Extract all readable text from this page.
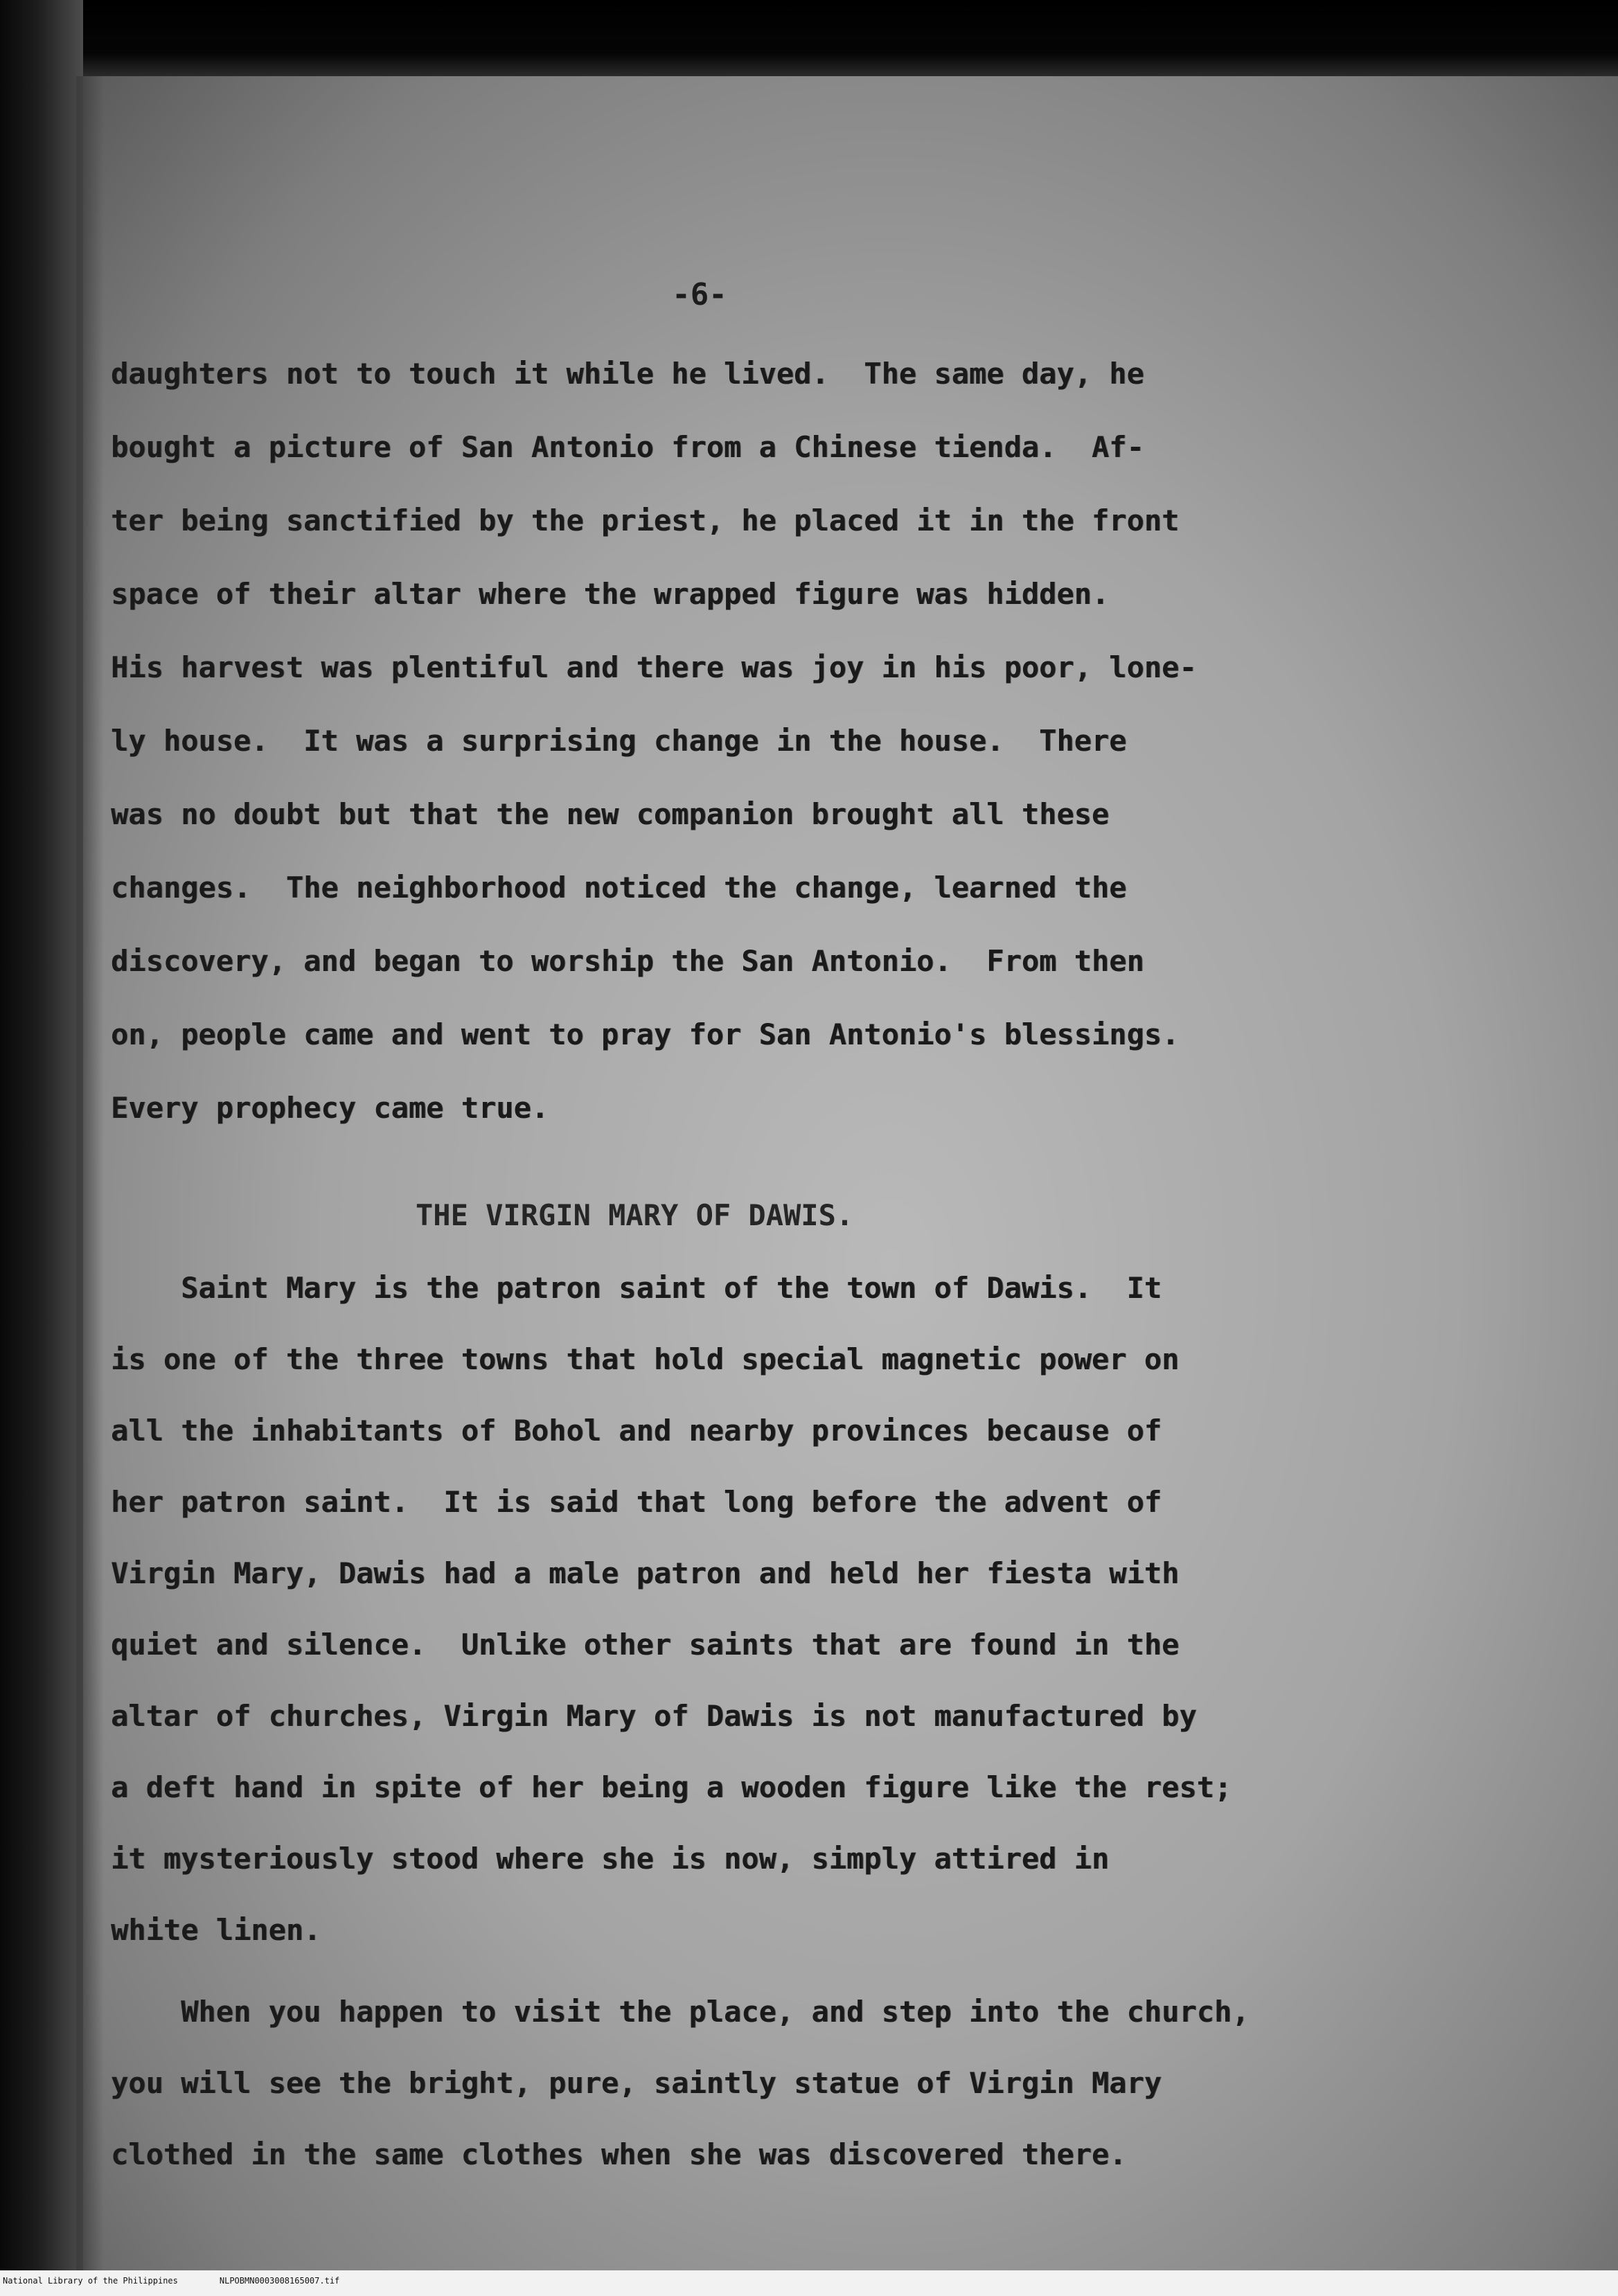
-6-

daughters not to touch it while he lived.  The same day, he

bought a picture of San Antonio from a Chinese tienda.  Af-

ter being sanctified by the priest, he placed it in the front

space of their altar where the wrapped figure was hidden.

His harvest was plentiful and there was joy in his poor, lone-

ly house.  It was a surprising change in the house.  There

was no doubt but that the new companion brought all these

changes.  The neighborhood noticed the change, learned the

discovery, and began to worship the San Antonio.  From then

on, people came and went to pray for San Antonio's blessings.

Every prophecy came true.

THE VIRGIN MARY OF DAWIS.

Saint Mary is the patron saint of the town of Dawis.  It

is one of the three towns that hold special magnetic power on

all the inhabitants of Bohol and nearby provinces because of

her patron saint.  It is said that long before the advent of

Virgin Mary, Dawis had a male patron and held her fiesta with

quiet and silence.  Unlike other saints that are found in the

altar of churches, Virgin Mary of Dawis is not manufactured by

a deft hand in spite of her being a wooden figure like the rest;

it mysteriously stood where she is now, simply attired in

white linen.

When you happen to visit the place, and step into the church,

you will see the bright, pure, saintly statue of Virgin Mary

clothed in the same clothes when she was discovered there.

National Library of the Philippines	NLPOBMN0003008165007.tif
